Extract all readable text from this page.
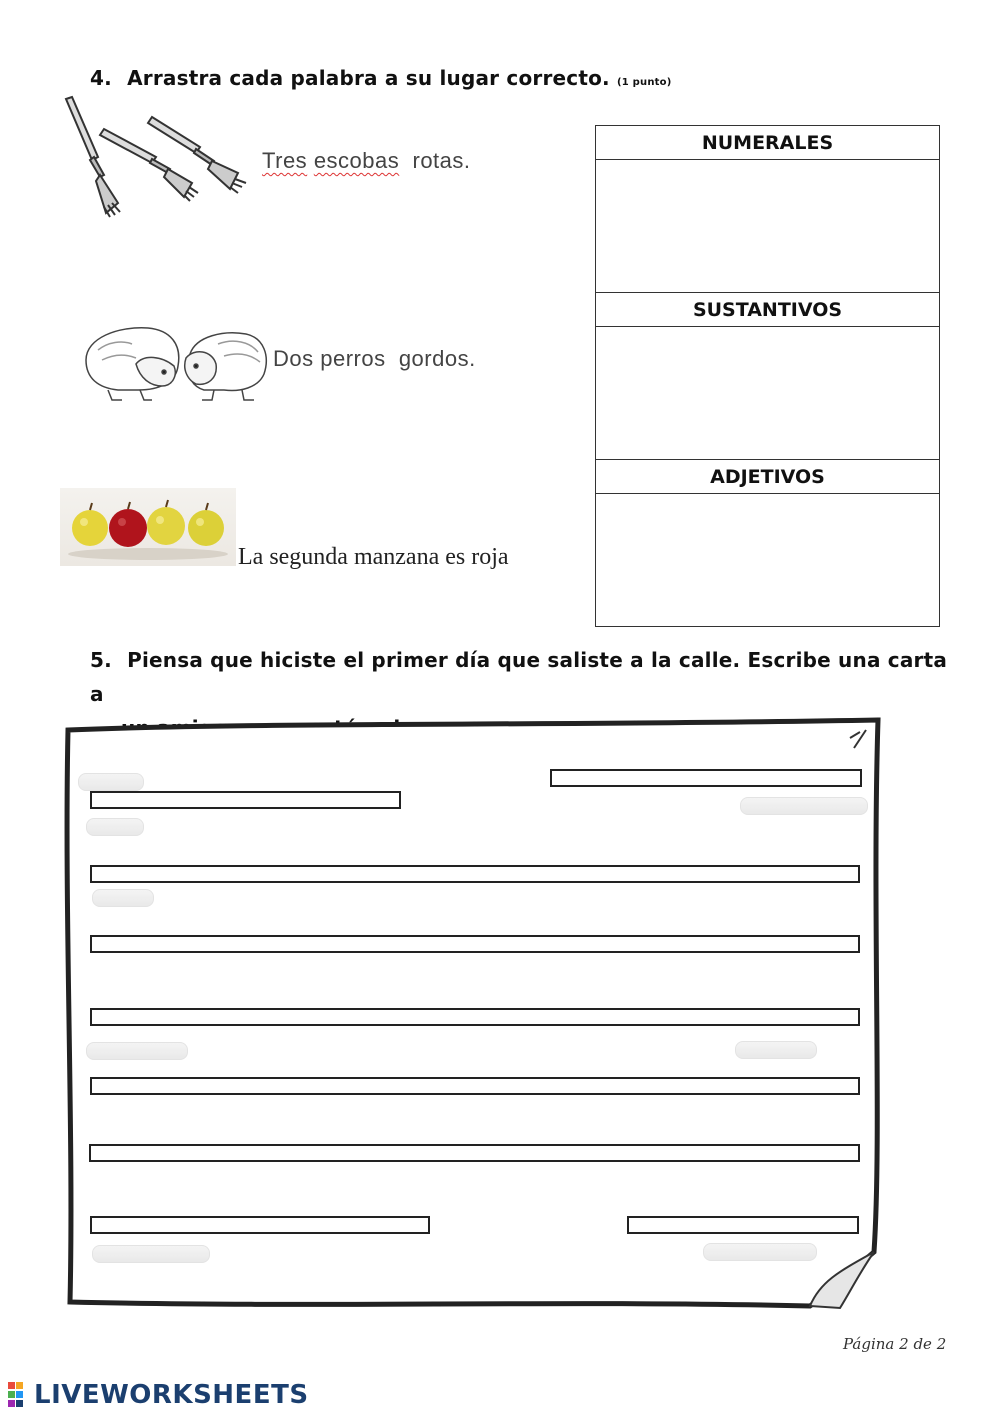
4. Arrastra cada palabra a su lugar correcto. (1 punto)
Tres escobas rotas.
Dos perros  gordos.
La segunda manzana es roja
NUMERALES
SUSTANTIVOS
ADJETIVOS
5. Piensa que hiciste el primer día que saliste a la calle. Escribe una carta a

Página 2 de 2
LIVEWORKSHEETS
